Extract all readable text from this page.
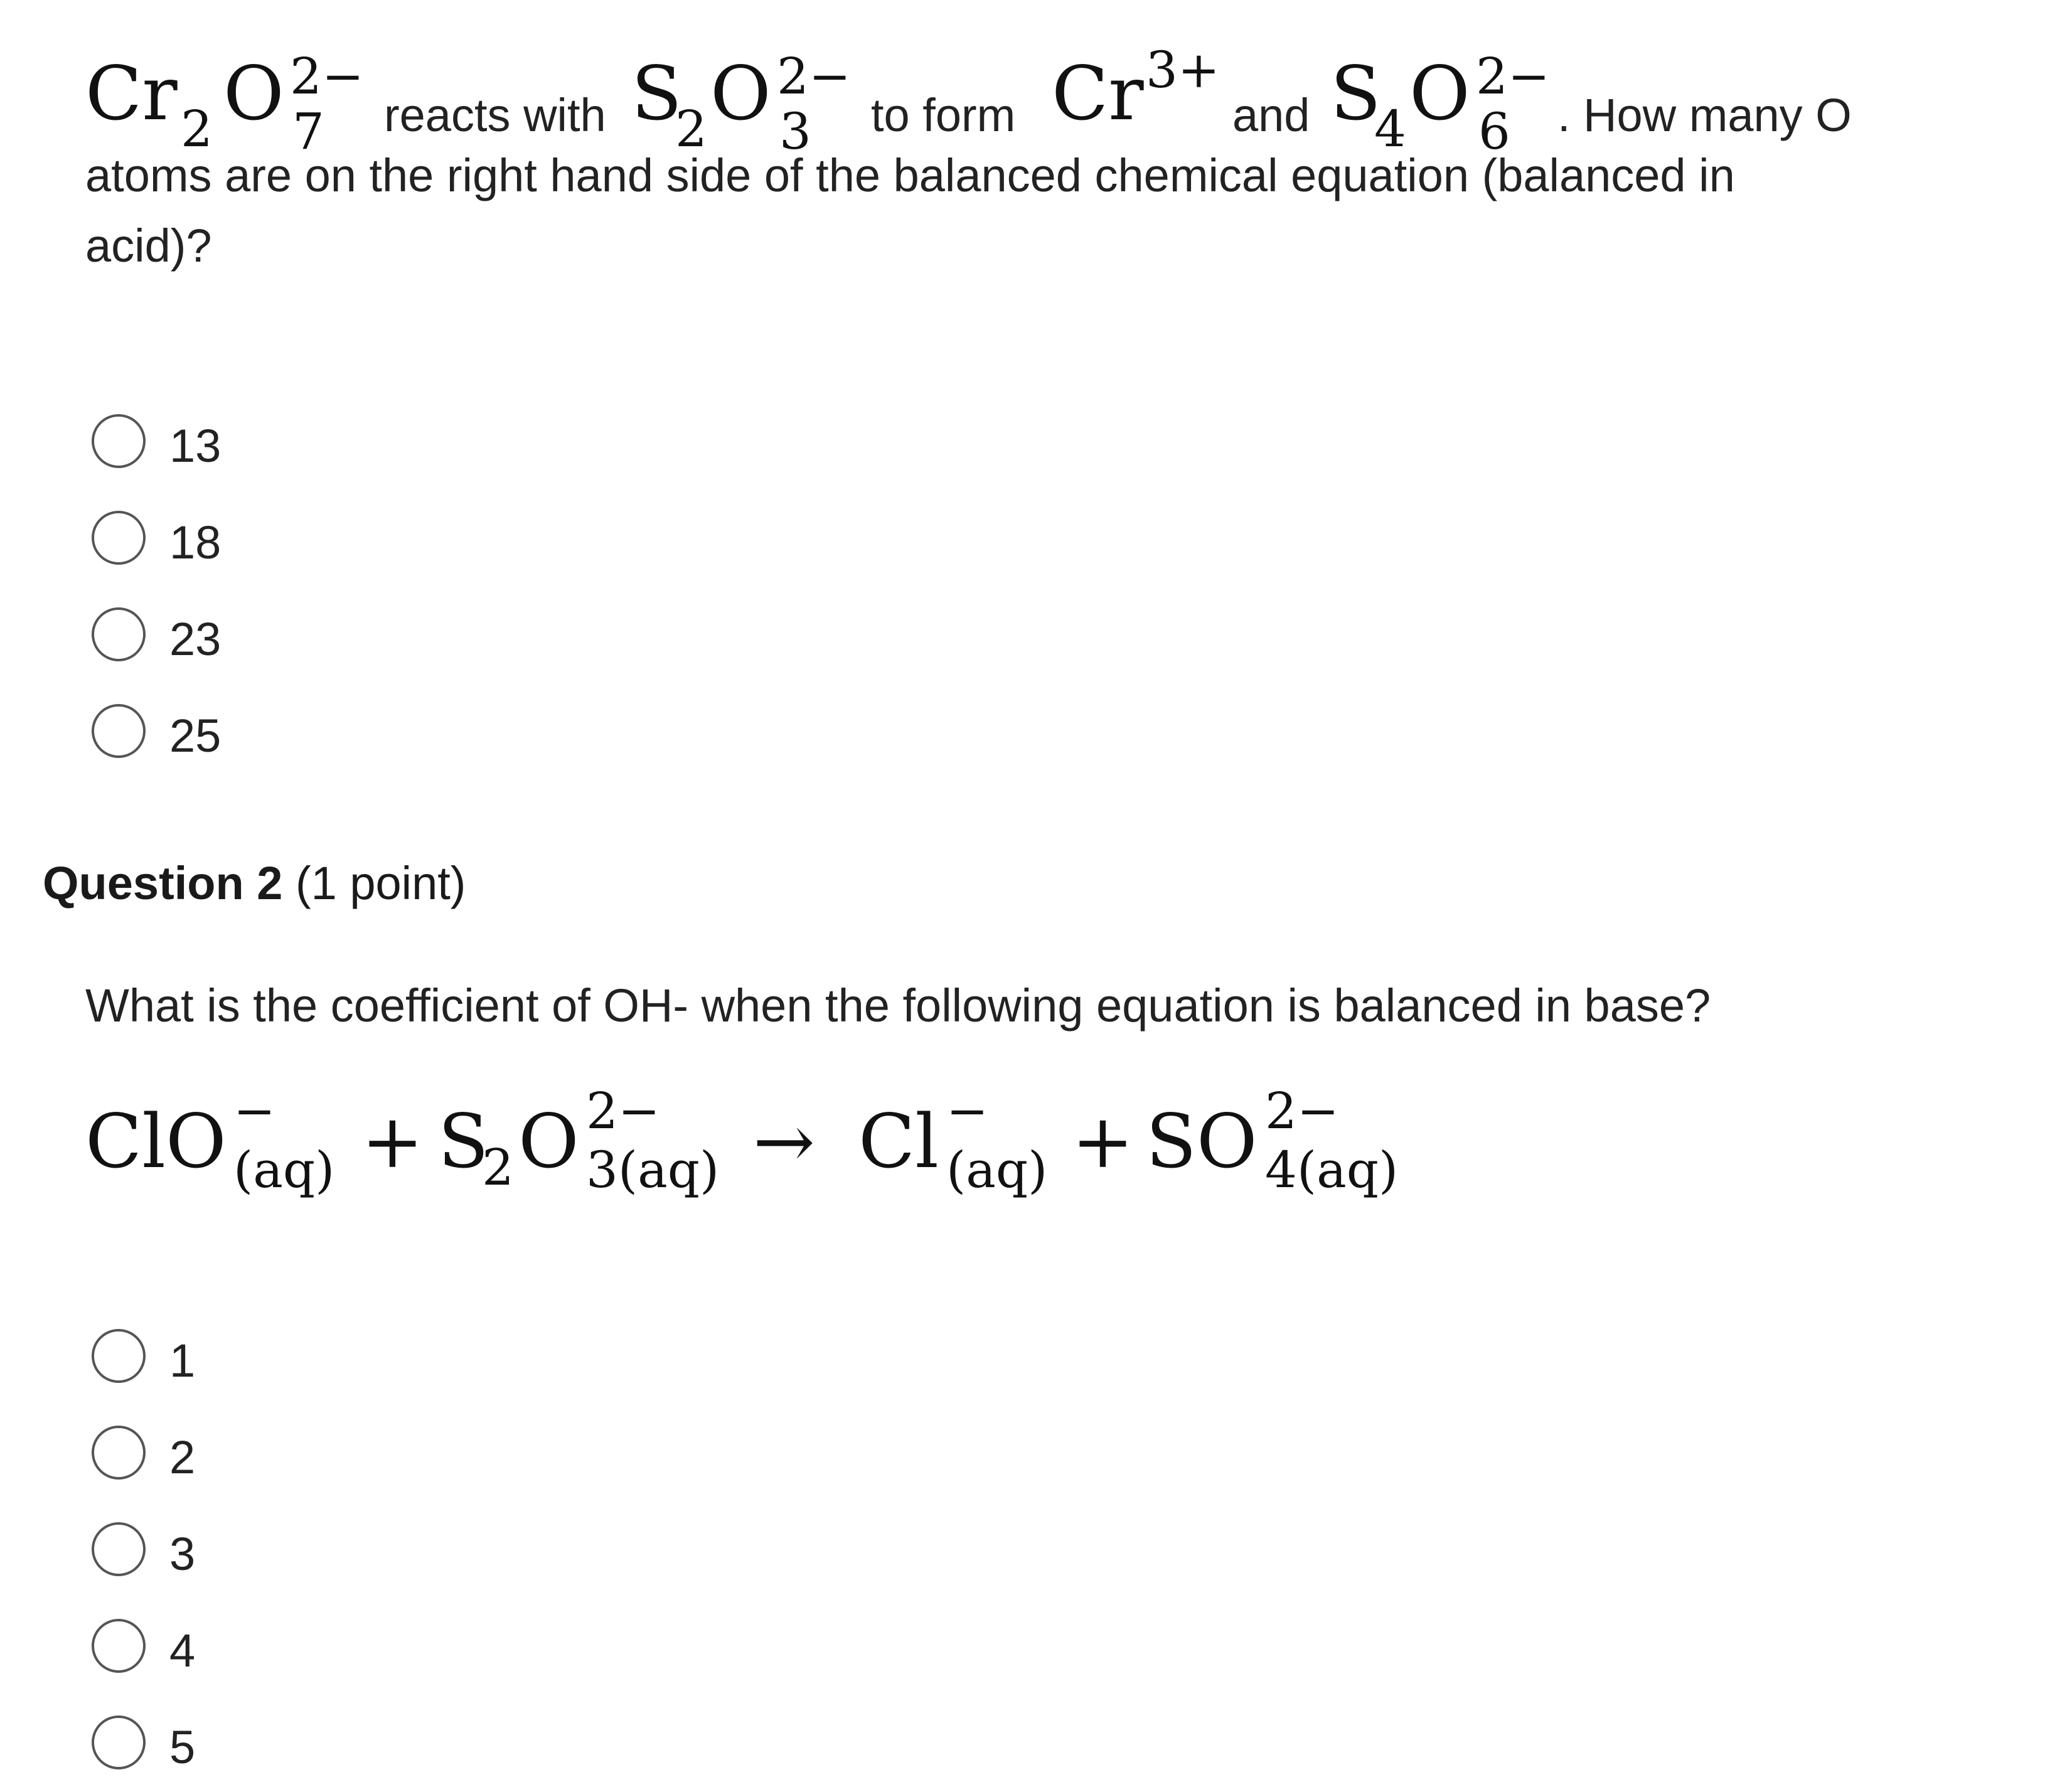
Cr 2 O 2−
7 reacts with S
2 O 2−
3 to form Cr 3+
and S
4 O 2−
6 . How many O
atoms are on the right hand side of the balanced chemical equation (balanced in
acid)?
13
18
23
25
Question 2 (1 point)
What is the coefficient of OH- when the following equation is balanced in base?
ClO −
(aq) + S
2 O 2−
3(aq) → Cl −
(aq) + SO 2−
4(aq)
1
2
3
4
5
